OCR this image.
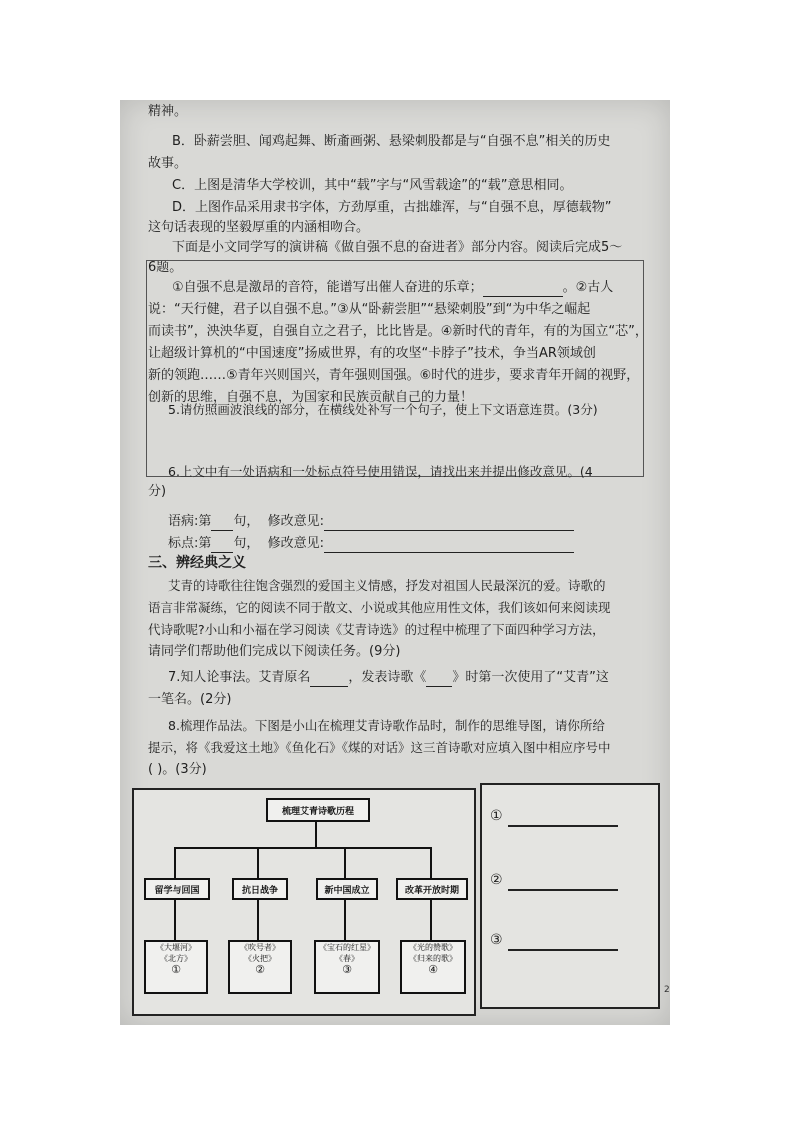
精神。
B．卧薪尝胆、闻鸡起舞、断齑画粥、悬梁刺股都是与“自强不息”相关的历史
故事。
C．上图是清华大学校训，其中“载”字与“风雪载途”的“载”意思相同。
D．上图作品采用隶书字体，方劲厚重，古拙雄浑，与“自强不息，厚德载物”
这句话表现的坚毅厚重的内涵相吻合。
下面是小文同学写的演讲稿《做自强不息的奋进者》部分内容。阅读后完成5～
6题。
①自强不息是激昂的音符，能谱写出催人奋进的乐章；	。②古人
说：“天行健，君子以自强不息。”③从“卧薪尝胆”“悬梁刺股”到“为中华之崛起
而读书”，泱泱华夏，自强自立之君子，比比皆是。④新时代的青年，有的为国立“芯”，
让超级计算机的“中国速度”扬威世界，有的攻坚“卡脖子”技术，争当AR领域创
新的领跑……⑤青年兴则国兴，青年强则国强。⑥时代的进步，要求青年开阔的视野，
创新的思维，自强不息，为国家和民族贡献自己的力量！
5.请仿照画波浪线的部分，在横线处补写一个句子，使上下文语意连贯。(3分)
6.上文中有一处语病和一处标点符号使用错误，请找出来并提出修改意见。(4
分)
语病:第 句， 修改意见:
标点:第 句， 修改意见:
三、辨经典之义
艾青的诗歌往往饱含强烈的爱国主义情感，抒发对祖国人民最深沉的爱。诗歌的
语言非常凝练，它的阅读不同于散文、小说或其他应用性文体，我们该如何来阅读现
代诗歌呢?小山和小福在学习阅读《艾青诗选》的过程中梳理了下面四种学习方法，
请同学们帮助他们完成以下阅读任务。(9分)
7.知人论事法。艾青原名	，发表诗歌《 》时第一次使用了“艾青”这
一笔名。(2分)
8.梳理作品法。下图是小山在梳理艾青诗歌作品时，制作的思维导图，请你所给
提示，将《我爱这土地》《鱼化石》《煤的对话》这三首诗歌对应填入图中相应序号中
( )。(3分)
梳理艾青诗歌历程
留学与回国	抗日战争	新中国成立	改革开放时期
《大堰河》
《北方》
①
《吹号者》
《火把》
②
《宝石的红星》
《春》
③
《光的赞歌》
《归来的歌》
④
①
②
③
2
